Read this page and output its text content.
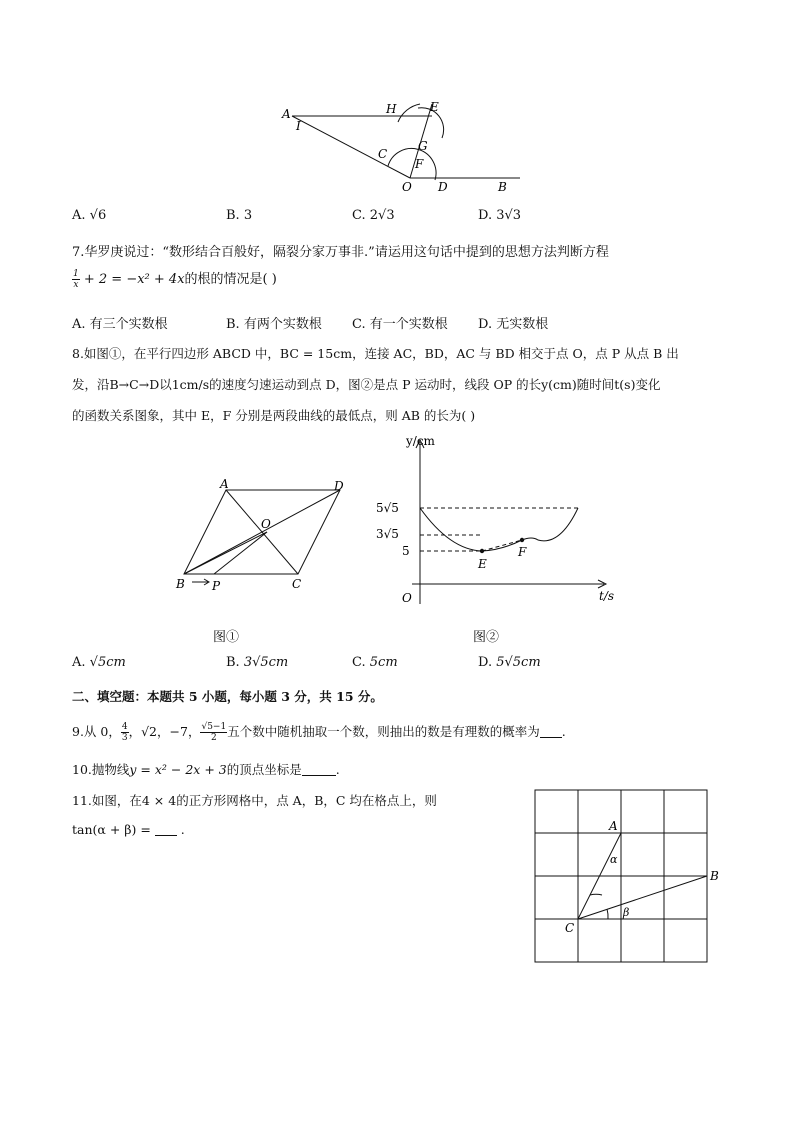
A
I
H	E
G
C
F
O D	B
A. √6	B. 3	C. 2√3	D. 3√3
7.华罗庚说过：“数形结合百般好，隔裂分家万事非.”请运用这句话中提到的思想方法判断方程
$\frac{1}{x} + 2 = -x^2 + 4x$的根的情况是( )
A. 有三个实数根	B. 有两个实数根 C. 有一个实数根 D. 无实数根
8.如图①，在平行四边形 ABCD 中，BC = 15cm，连接 AC，BD，AC 与 BD 相交于点 O，点 P 从点 B 出
发，沿B→C→D以1cm/s的速度匀速运动到点 D，图②是点 P 运动时，线段 OP 的长y(cm)随时间t(s)变化
的函数关系图象，其中 E，F 分别是两段曲线的最低点，则 AB 的长为( )
A	D
O
B P	C
y/cm
t/s
O
5√5
3√5
5
E
F
图①	图②
A. √5cm	B. 3√5cm	C. 5cm	D. 5√5cm
二、填空题：本题共 5 小题，每小题 3 分，共 15 分。
9.从 0， $\frac{4}{3}$ ，√2，−7， $\frac{√5-1}{2}$ 五个数中随机抽取一个数，则抽出的数是有理数的概率为 .
10.抛物线y = x² − 2x + 3的顶点坐标是	.
11.如图，在4 × 4的正方形网格中，点 A，B，C 均在格点上，则
tan(α + β) = .	A
B
C
α
β
